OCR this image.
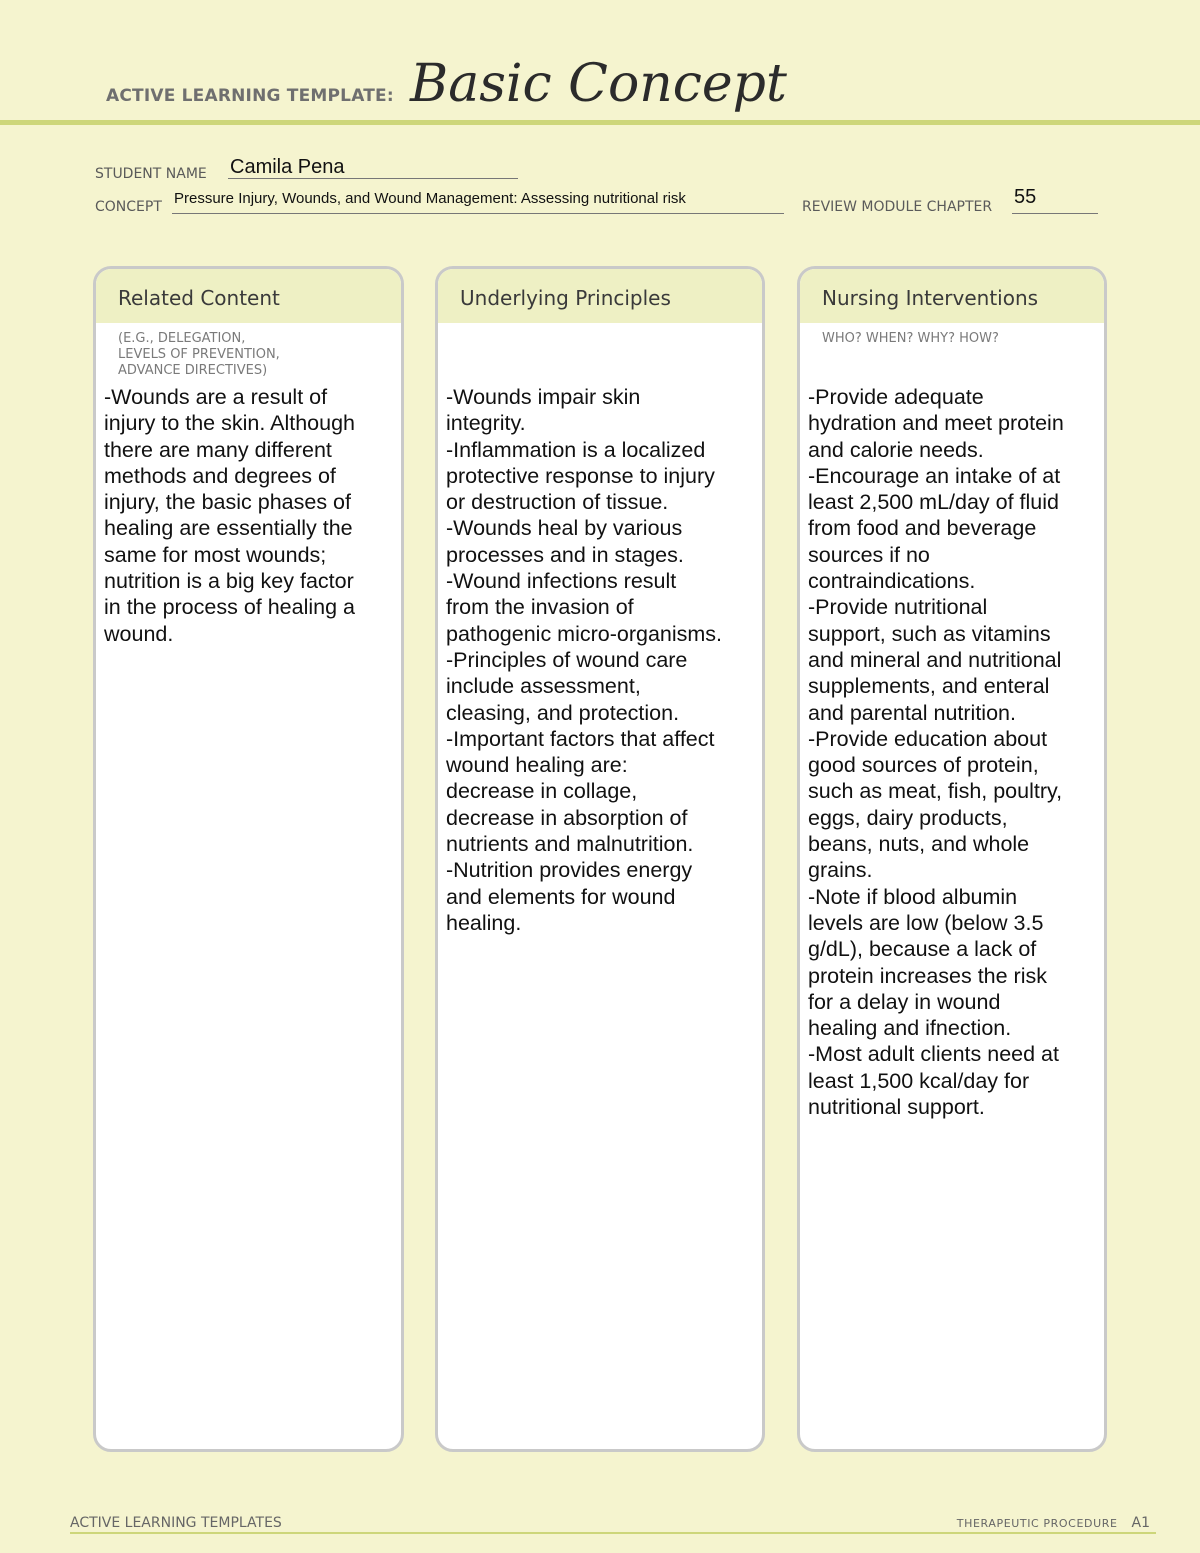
ACTIVE LEARNING TEMPLATE: Basic Concept
STUDENT NAME Camila Pena
CONCEPT Pressure Injury, Wounds, and Wound Management: Assessing nutritional risk	REVIEW MODULE CHAPTER 55
Related Content
(E.G., DELEGATION,
LEVELS OF PREVENTION,
ADVANCE DIRECTIVES)
-Wounds are a result of
injury to the skin. Although
there are many different
methods and degrees of
injury, the basic phases of
healing are essentially the
same for most wounds;
nutrition is a big key factor
in the process of healing a
wound.
Underlying Principles
-Wounds impair skin
integrity.
-Inflammation is a localized
protective response to injury
or destruction of tissue.
-Wounds heal by various
processes and in stages.
-Wound infections result
from the invasion of
pathogenic micro-organisms.
-Principles of wound care
include assessment,
cleasing, and protection.
-Important factors that affect
wound healing are:
decrease in collage,
decrease in absorption of
nutrients and malnutrition.
-Nutrition provides energy
and elements for wound
healing.
Nursing Interventions
WHO? WHEN? WHY? HOW?
-Provide adequate
hydration and meet protein
and calorie needs.
-Encourage an intake of at
least 2,500 mL/day of fluid
from food and beverage
sources if no
contraindications.
-Provide nutritional
support, such as vitamins
and mineral and nutritional
supplements, and enteral
and parental nutrition.
-Provide education about
good sources of protein,
such as meat, fish, poultry,
eggs, dairy products,
beans, nuts, and whole
grains.
-Note if blood albumin
levels are low (below 3.5
g/dL), because a lack of
protein increases the risk
for a delay in wound
healing and ifnection.
-Most adult clients need at
least 1,500 kcal/day for
nutritional support.
ACTIVE LEARNING TEMPLATES	THERAPEUTIC PROCEDURE A1
